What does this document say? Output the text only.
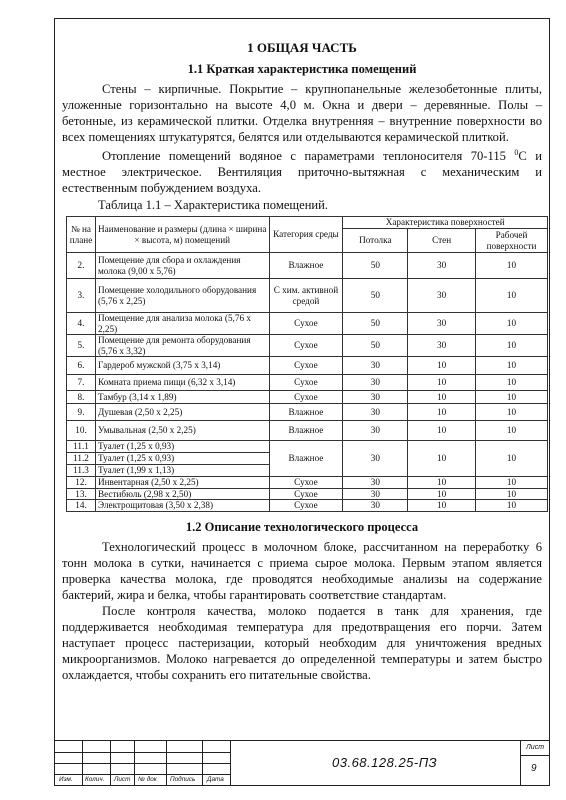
1 ОБЩАЯ ЧАСТЬ
1.1 Краткая характеристика помещений

Стены – кирпичные. Покрытие – крупнопанельные железобетонные плиты, уложенные горизонтально на высоте 4,0 м. Окна и двери – деревянные. Полы – бетонные, из керамической плитки. Отделка внутренняя – внутренние поверхности во всех помещениях штукатурятся, белятся или отделываются керамической плиткой.

Отопление помещений водяное с параметрами теплоносителя 70-115 $^0$С и местное электрическое. Вентиляция приточно-вытяжная с механическим и естественным побуждением воздуха.

Таблица 1.1 – Характеристика помещений.
№ на плане	Наименование и размеры (длина × ширина × высота, м) помещений	Категория среды	Характеристика поверхностей		
			Потолка	Стен	Рабочей поверхности
2.	Помещение для сбора и охлаждения молока (9,00 х 5,76)	Влажное	50	30	10
3.	Помещение холодильного оборудования (5,76 х 2,25)	С хим. активной средой	50	30	10
4.	Помещение для анализа молока (5,76 х 2,25)	Сухое	50	30	10
5.	Помещение для ремонта оборудования (5,76 х 3,32)	Сухое	50	30	10
6.	Гардероб мужской (3,75 х 3,14)	Сухое	30	10	10
7.	Комната приема пищи (6,32 х 3,14)	Сухое	30	10	10
8.	Тамбур (3,14 х 1,89)	Сухое	30	10	10
9.	Душевая (2,50 х 2,25)	Влажное	30	10	10
10.	Умывальная (2,50 х 2,25)	Влажное	30	10	10
11.1	Туалет (1,25 х 0,93)	Влажное	30	10	10
11.2	Туалет (1,25 х 0,93)				
11.3	Туалет (1,99 х 1,13)				
12.	Инвентарная (2,50 х 2,25)	Сухое	30	10	10
13.	Вестибюль (2,98 х 2,50)	Сухое	30	10	10
14.	Электрощитовая (3,50 х 2,38)	Сухое	30	10	10
1.2 Описание технологического процесса

Технологический процесс в молочном блоке, рассчитанном на переработку 6 тонн молока в сутки, начинается с приема сырое молока. Первым этапом является проверка качества молока, где проводятся необходимые анализы на содержание бактерий, жира и белка, чтобы гарантировать соответствие стандартам.

После контроля качества, молоко подается в танк для хранения, где поддерживается необходимая температура для предотвращения его порчи. Затем наступает процесс пастеризации, который необходим для уничтожения вредных микроорганизмов. Молоко нагревается до определенной температуры и затем быстро охлаждается, чтобы сохранить его питательные свойства.

Изм. Колич. Лист № док Подпись Дата
03.68.128.25-ПЗ
Лист
9
